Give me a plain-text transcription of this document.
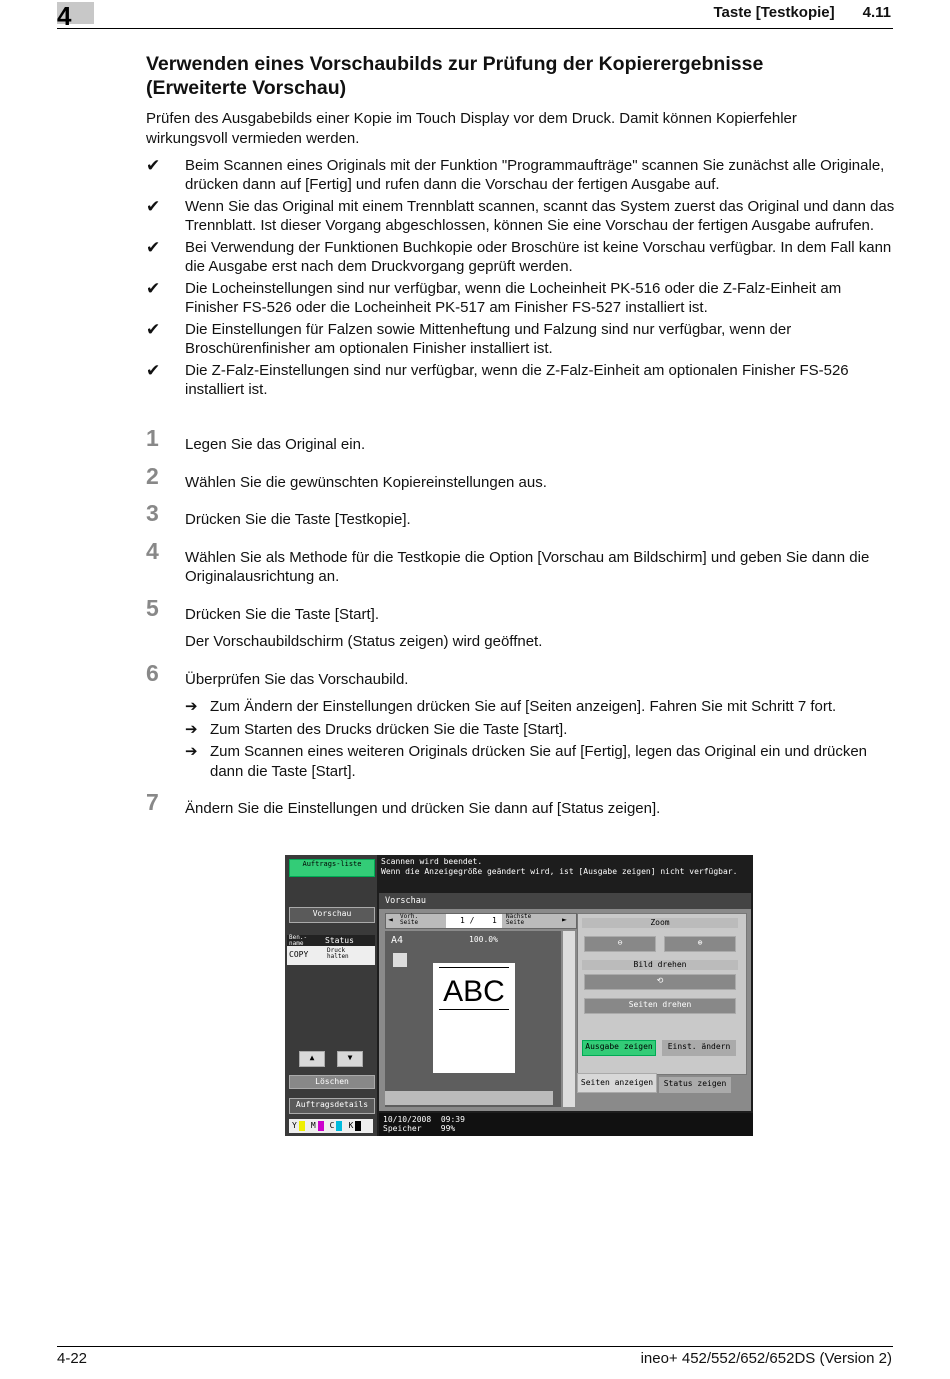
4	Taste [Testkopie] 4.11
Verwenden eines Vorschaubilds zur Prüfung der Kopierergebnisse (Erweiterte Vorschau)
Prüfen des Ausgabebilds einer Kopie im Touch Display vor dem Druck. Damit können Kopierfehler wirkungsvoll vermieden werden.
✔ Beim Scannen eines Originals mit der Funktion "Programmaufträge" scannen Sie zunächst alle Originale, drücken dann auf [Fertig] und rufen dann die Vorschau der fertigen Ausgabe auf.
✔ Wenn Sie das Original mit einem Trennblatt scannen, scannt das System zuerst das Original und dann das Trennblatt. Ist dieser Vorgang abgeschlossen, können Sie eine Vorschau der fertigen Ausgabe aufrufen.
✔ Bei Verwendung der Funktionen Buchkopie oder Broschüre ist keine Vorschau verfügbar. In dem Fall kann die Ausgabe erst nach dem Druckvorgang geprüft werden.
✔ Die Locheinstellungen sind nur verfügbar, wenn die Locheinheit PK-516 oder die Z-Falz-Einheit am Finisher FS-526 oder die Locheinheit PK-517 am Finisher FS-527 installiert ist.
✔ Die Einstellungen für Falzen sowie Mittenheftung und Falzung sind nur verfügbar, wenn der Broschürenfinisher am optionalen Finisher installiert ist.
✔ Die Z-Falz-Einstellungen sind nur verfügbar, wenn die Z-Falz-Einheit am optionalen Finisher FS-526 installiert ist.
1 Legen Sie das Original ein.
2 Wählen Sie die gewünschten Kopiereinstellungen aus.
3 Drücken Sie die Taste [Testkopie].
4 Wählen Sie als Methode für die Testkopie die Option [Vorschau am Bildschirm] und geben Sie dann die Originalausrichtung an.
5 Drücken Sie die Taste [Start].
Der Vorschaubildschirm (Status zeigen) wird geöffnet.
6 Überprüfen Sie das Vorschaubild.
➔ Zum Ändern der Einstellungen drücken Sie auf [Seiten anzeigen]. Fahren Sie mit Schritt 7 fort.
➔ Zum Starten des Drucks drücken Sie die Taste [Start].
➔ Zum Scannen eines weiteren Originals drücken Sie auf [Fertig], legen das Original ein und drücken dann die Taste [Start].
7 Ändern Sie die Einstellungen und drücken Sie dann auf [Status zeigen].
Auftrags-liste
Vorschau
Ben.-name	Status
COPY	Druck halten
▲	▼
Löschen
Auftragsdetails
Y M C K
Scannen wird beendet.
Wenn die Anzeigegröße geändert wird, ist [Ausgabe zeigen] nicht verfügbar.
Vorschau
◄ Vorh. Seite	1 / 1 Nächste Seite	►
A4	100.0%
ABC
Zoom
⊖	⊕
Bild drehen
⟲
Seiten drehen
Ausgabe zeigen	Einst. ändern
Seiten anzeigen	Status zeigen
10/10/2008 09:39
Speicher 99%
4-22	ineo+ 452/552/652/652DS (Version 2)
